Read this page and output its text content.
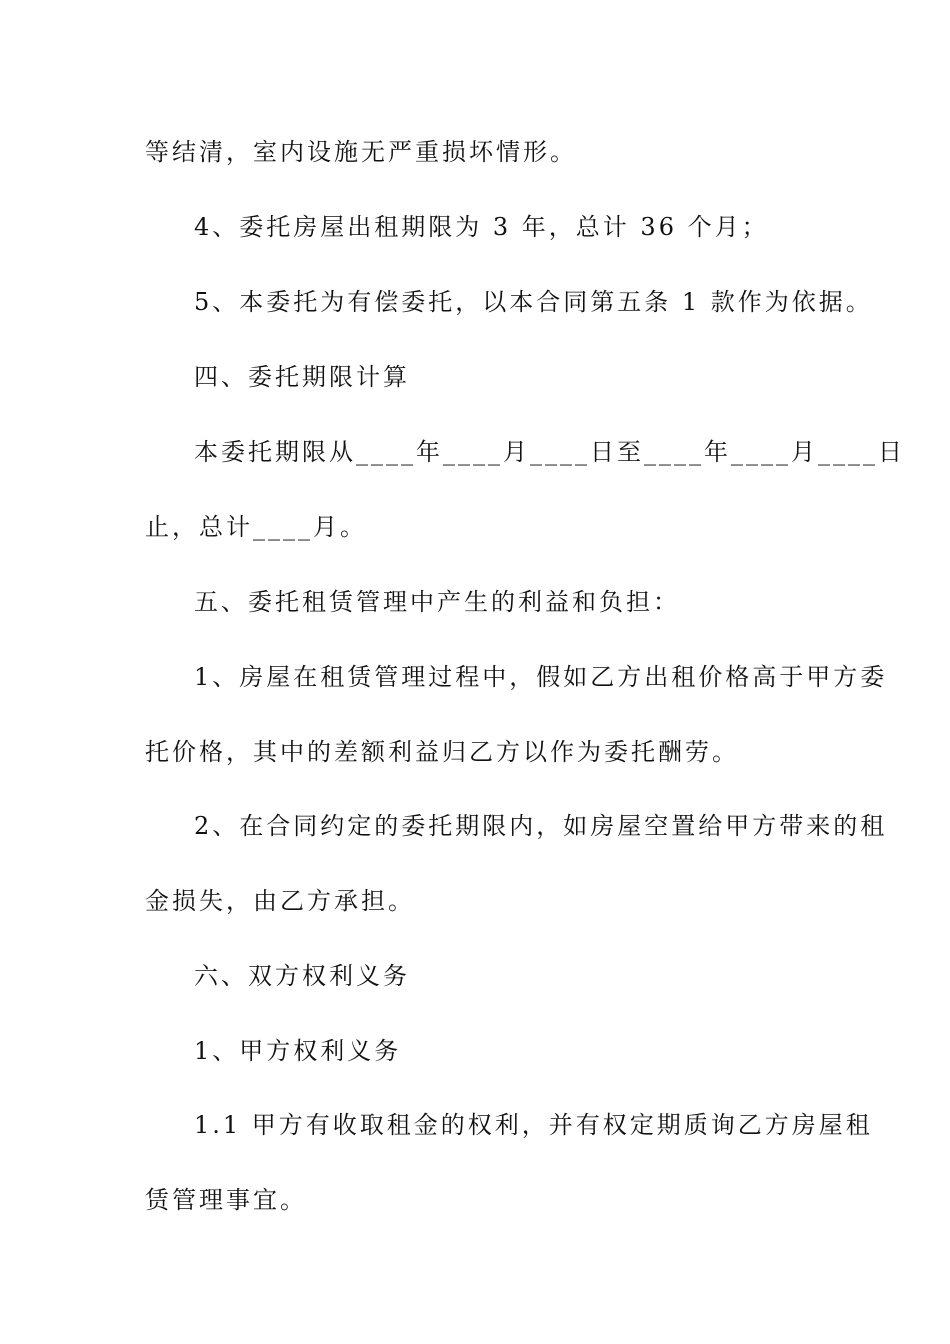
等结清，室内设施无严重损坏情形。
4、委托房屋出租期限为 3 年，总计 36 个月；
5、本委托为有偿委托，以本合同第五条 1 款作为依据。
四、委托期限计算
本委托期限从____年____月____日至____年____月____日
止，总计____月。
五、委托租赁管理中产生的利益和负担：
1、房屋在租赁管理过程中，假如乙方出租价格高于甲方委
托价格，其中的差额利益归乙方以作为委托酬劳。
2、在合同约定的委托期限内，如房屋空置给甲方带来的租
金损失，由乙方承担。
六、双方权利义务
1、甲方权利义务
1.1 甲方有收取租金的权利，并有权定期质询乙方房屋租
赁管理事宜。
